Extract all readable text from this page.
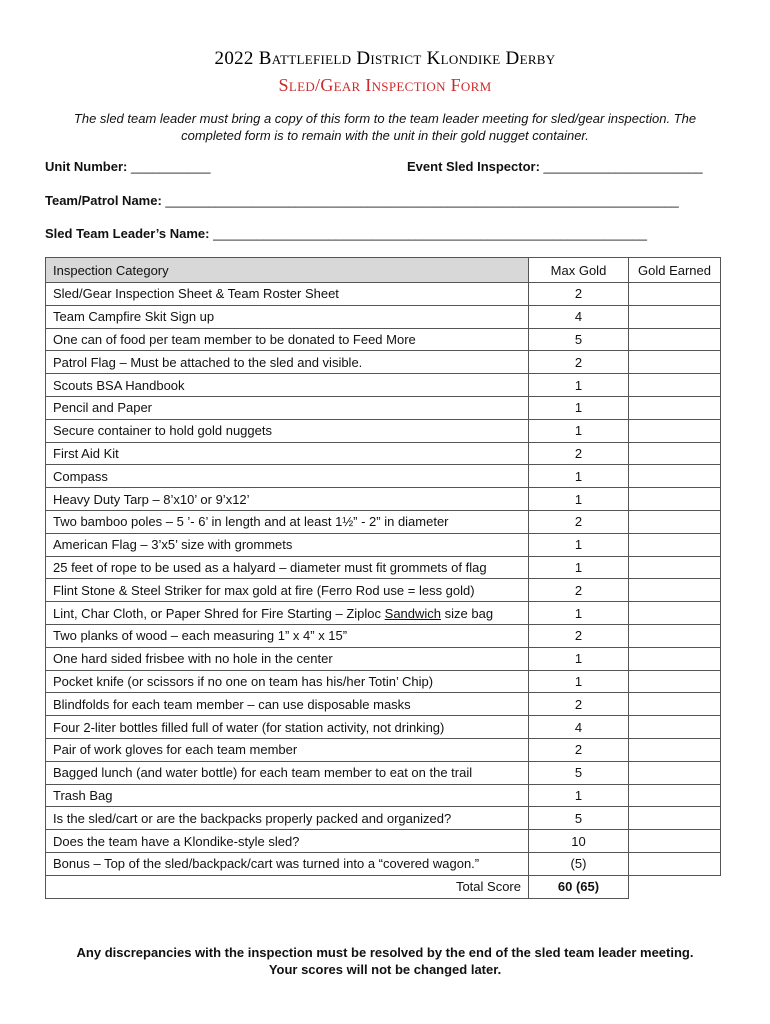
2022 Battlefield District Klondike Derby
Sled/Gear Inspection Form
The sled team leader must bring a copy of this form to the team leader meeting for sled/gear inspection. The completed form is to remain with the unit in their gold nugget container.
Unit Number: ___________	Event Sled Inspector: ______________________
Team/Patrol Name: _______________________________________________________________________
Sled Team Leader’s Name: ____________________________________________________________
Inspection Category	Max Gold	Gold Earned
Sled/Gear Inspection Sheet & Team Roster Sheet	2	
Team Campfire Skit Sign up	4	
One can of food per team member to be donated to Feed More	5	
Patrol Flag – Must be attached to the sled and visible.	2	
Scouts BSA Handbook	1	
Pencil and Paper	1	
Secure container to hold gold nuggets	1	
First Aid Kit	2	
Compass	1	
Heavy Duty Tarp – 8’x10’ or 9’x12’	1	
Two bamboo poles – 5 ’- 6’ in length and at least 1½” - 2” in diameter	2	
American Flag – 3’x5’ size with grommets	1	
25 feet of rope to be used as a halyard – diameter must fit grommets of flag	1	
Flint Stone & Steel Striker for max gold at fire (Ferro Rod use = less gold)	2	
Lint, Char Cloth, or Paper Shred for Fire Starting – Ziploc Sandwich size bag	1	
Two planks of wood – each measuring 1” x 4” x 15”	2	
One hard sided frisbee with no hole in the center	1	
Pocket knife (or scissors if no one on team has his/her Totin’ Chip)	1	
Blindfolds for each team member – can use disposable masks	2	
Four 2-liter bottles filled full of water (for station activity, not drinking)	4	
Pair of work gloves for each team member	2	
Bagged lunch (and water bottle) for each team member to eat on the trail	5	
Trash Bag	1	
Is the sled/cart or are the backpacks properly packed and organized?	5	
Does the team have a Klondike-style sled?	10	
Bonus – Top of the sled/backpack/cart was turned into a “covered wagon.”	(5)	
Total Score	60 (65)	
Any discrepancies with the inspection must be resolved by the end of the sled team leader meeting.
Your scores will not be changed later.
